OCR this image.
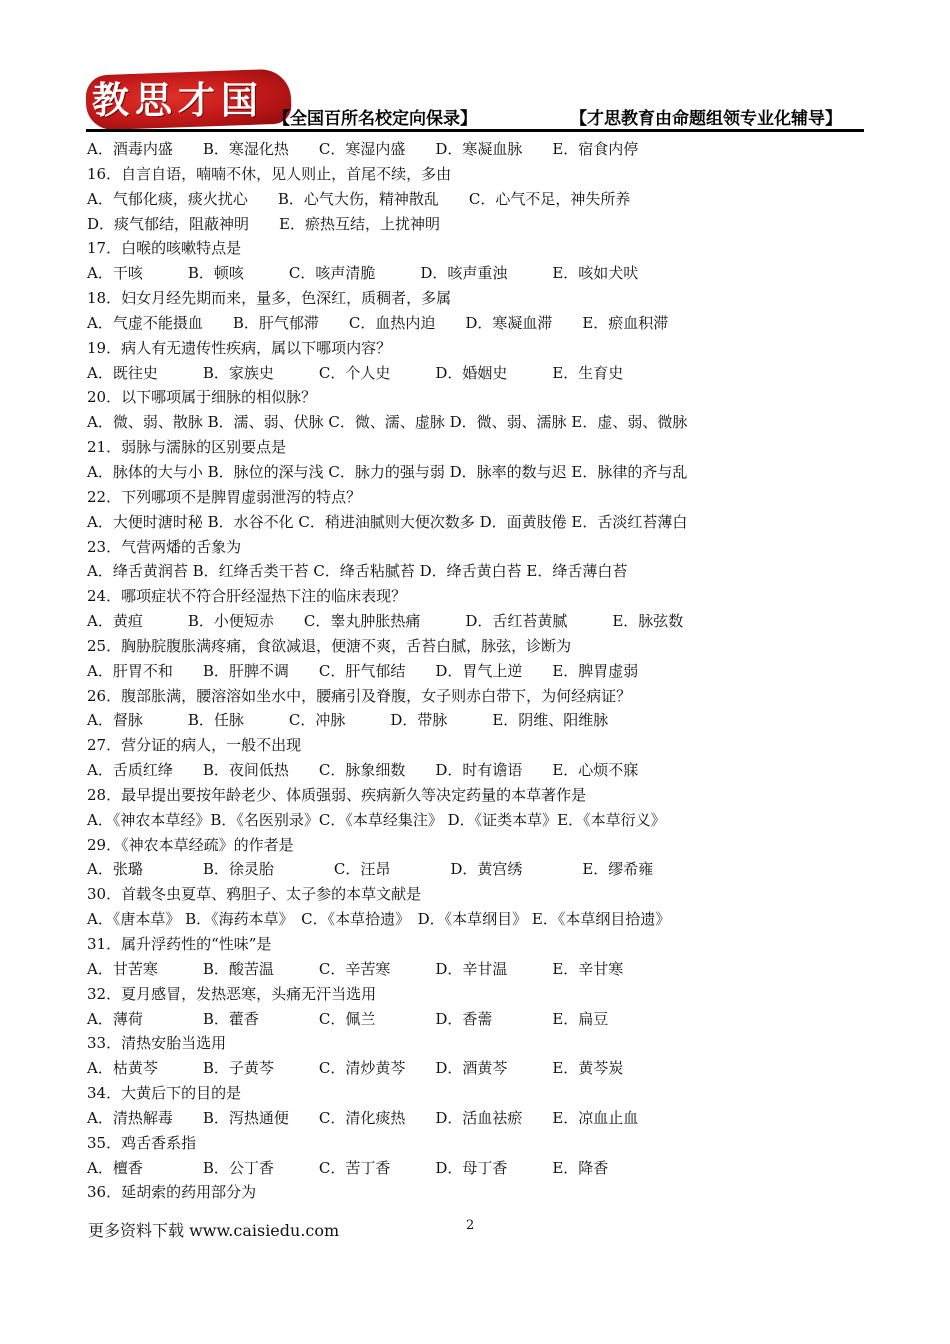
教思才国 【全国百所名校定向保录】	【才思教育由命题组领专业化辅导】
A．酒毒内盛　　B．寒湿化热　　C．寒湿内盛　　D．寒凝血脉　　E．宿食内停
16．自言自语，喃喃不休，见人则止，首尾不续，多由
A．气郁化痰，痰火扰心　　B．心气大伤，精神散乱　　C．心气不足，神失所养
D．痰气郁结，阻蔽神明　　E．瘀热互结，上扰神明
17．白喉的咳嗽特点是
A．干咳　　　B．顿咳　　　C．咳声清脆　　　D．咳声重浊　　　E．咳如犬吠
18．妇女月经先期而来，量多，色深红，质稠者，多属
A．气虚不能摄血　　B．肝气郁滞　　C．血热内迫　　D．寒凝血滞　　E．瘀血积滞
19．病人有无遗传性疾病，属以下哪项内容？
A．既往史　　　B．家族史　　　C．个人史　　　D．婚姻史　　　E．生育史
20．以下哪项属于细脉的相似脉？
A．微、弱、散脉 B．濡、弱、伏脉 C．微、濡、虚脉 D．微、弱、濡脉 E．虚、弱、微脉
21．弱脉与濡脉的区别要点是
A．脉体的大与小 B．脉位的深与浅 C．脉力的强与弱 D．脉率的数与迟 E．脉律的齐与乱
22．下列哪项不是脾胃虚弱泄泻的特点？
A．大便时溏时秘 B．水谷不化 C．稍进油腻则大便次数多 D．面黄肢倦 E．舌淡红苔薄白
23．气营两燔的舌象为
A．绛舌黄润苔 B．红绛舌类干苔 C．绛舌粘腻苔 D．绛舌黄白苔 E．绛舌薄白苔
24．哪项症状不符合肝经湿热下注的临床表现？
A．黄疸　　　B．小便短赤　　C．睾丸肿胀热痛　　　D．舌红苔黄腻　　　E．脉弦数
25．胸胁脘腹胀满疼痛，食欲减退，便溏不爽，舌苔白腻，脉弦，诊断为
A．肝胃不和　　B．肝脾不调　　C．肝气郁结　　D．胃气上逆　　E．脾胃虚弱
26．腹部胀满，腰溶溶如坐水中，腰痛引及脊腹，女子则赤白带下，为何经病证？
A．督脉　　　B．任脉　　　C．冲脉　　　D．带脉　　　E．阴维、阳维脉
27．营分证的病人，一般不出现
A．舌质红绛　　B．夜间低热　　C．脉象细数　　D．时有谵语　　E．心烦不寐
28．最早提出要按年龄老少、体质强弱、疾病新久等决定药量的本草著作是
A．《神农本草经》B．《名医别录》C．《本草经集注》 D．《证类本草》E．《本草衍义》
29．《神农本草经疏》的作者是
A．张璐　　　　B．徐灵胎　　　　C．汪昂　　　　D．黄宫绣　　　　E．缪希雍
30．首载冬虫夏草、鸦胆子、太子参的本草文献是
A．《唐本草》 B．《海药本草》　C．《本草拾遗》　D．《本草纲目》 E．《本草纲目拾遗》
31．属升浮药性的“性味”是
A．甘苦寒　　　B．酸苦温　　　C．辛苦寒　　　D．辛甘温　　　E．辛甘寒
32．夏月感冒，发热恶寒，头痛无汗当选用
A．薄荷　　　　B．藿香　　　　C．佩兰　　　　D．香薷　　　　E．扁豆
33．清热安胎当选用
A．枯黄芩　　　B．子黄芩　　　C．清炒黄芩　　D．酒黄芩　　　E．黄芩炭
34．大黄后下的目的是
A．清热解毒　　B．泻热通便　　C．清化痰热　　D．活血祛瘀　　E．凉血止血
35．鸡舌香系指
A．檀香　　　　B．公丁香　　　C．苦丁香　　　D．母丁香　　　E．降香
36．延胡索的药用部分为
更多资料下载 www.caisiedu.com	2
